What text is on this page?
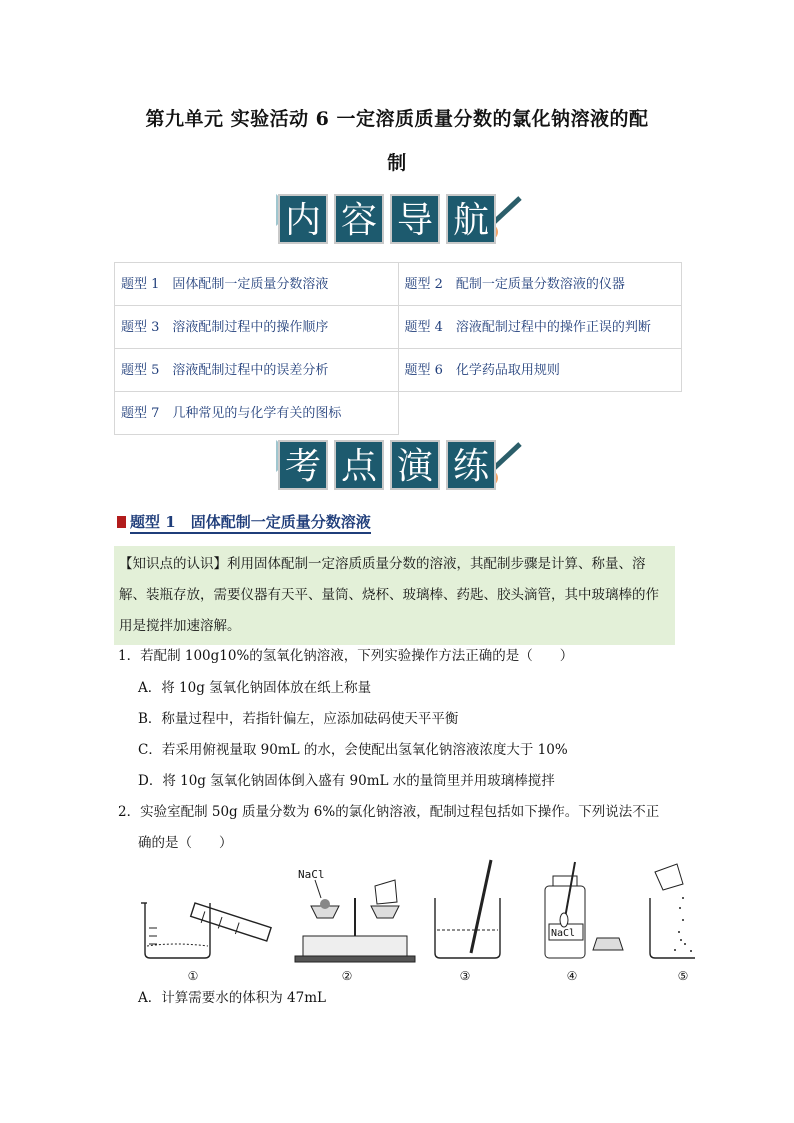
第九单元 实验活动 6 一定溶质质量分数的氯化钠溶液的配
制
内 容 导 航
题型 1　 固体配制一定质量分数溶液	题型 2　 配制一定质量分数溶液的仪器
题型 3　 溶液配制过程中的操作顺序	题型 4　 溶液配制过程中的操作正误的判断
题型 5　 溶液配制过程中的误差分析	题型 6　 化学药品取用规则
题型 7　 几种常见的与化学有关的图标	
考 点 演 练
题型 1　 固体配制一定质量分数溶液
【知识点的认识】利用固体配制一定溶质质量分数的溶液，其配制步骤是计算、称量、溶解、装瓶存放，需要仪器有天平、量筒、烧杯、玻璃棒、药匙、胶头滴管，其中玻璃棒的作用是搅拌加速溶解。
1．若配制 100g10%的氢氧化钠溶液，下列实验操作方法正确的是（　　）
A．将 10g 氢氧化钠固体放在纸上称量
B．称量过程中，若指针偏左，应添加砝码使天平平衡
C．若采用俯视量取 90mL 的水，会使配出氢氧化钠溶液浓度大于 10%
D．将 10g 氢氧化钠固体倒入盛有 90mL 水的量筒里并用玻璃棒搅拌
2．实验室配制 50g 质量分数为 6%的氯化钠溶液，配制过程包括如下操作。下列说法不正
确的是（　　）
NaCl
NaCl
①	②	③	④	⑤
A．计算需要水的体积为 47mL
